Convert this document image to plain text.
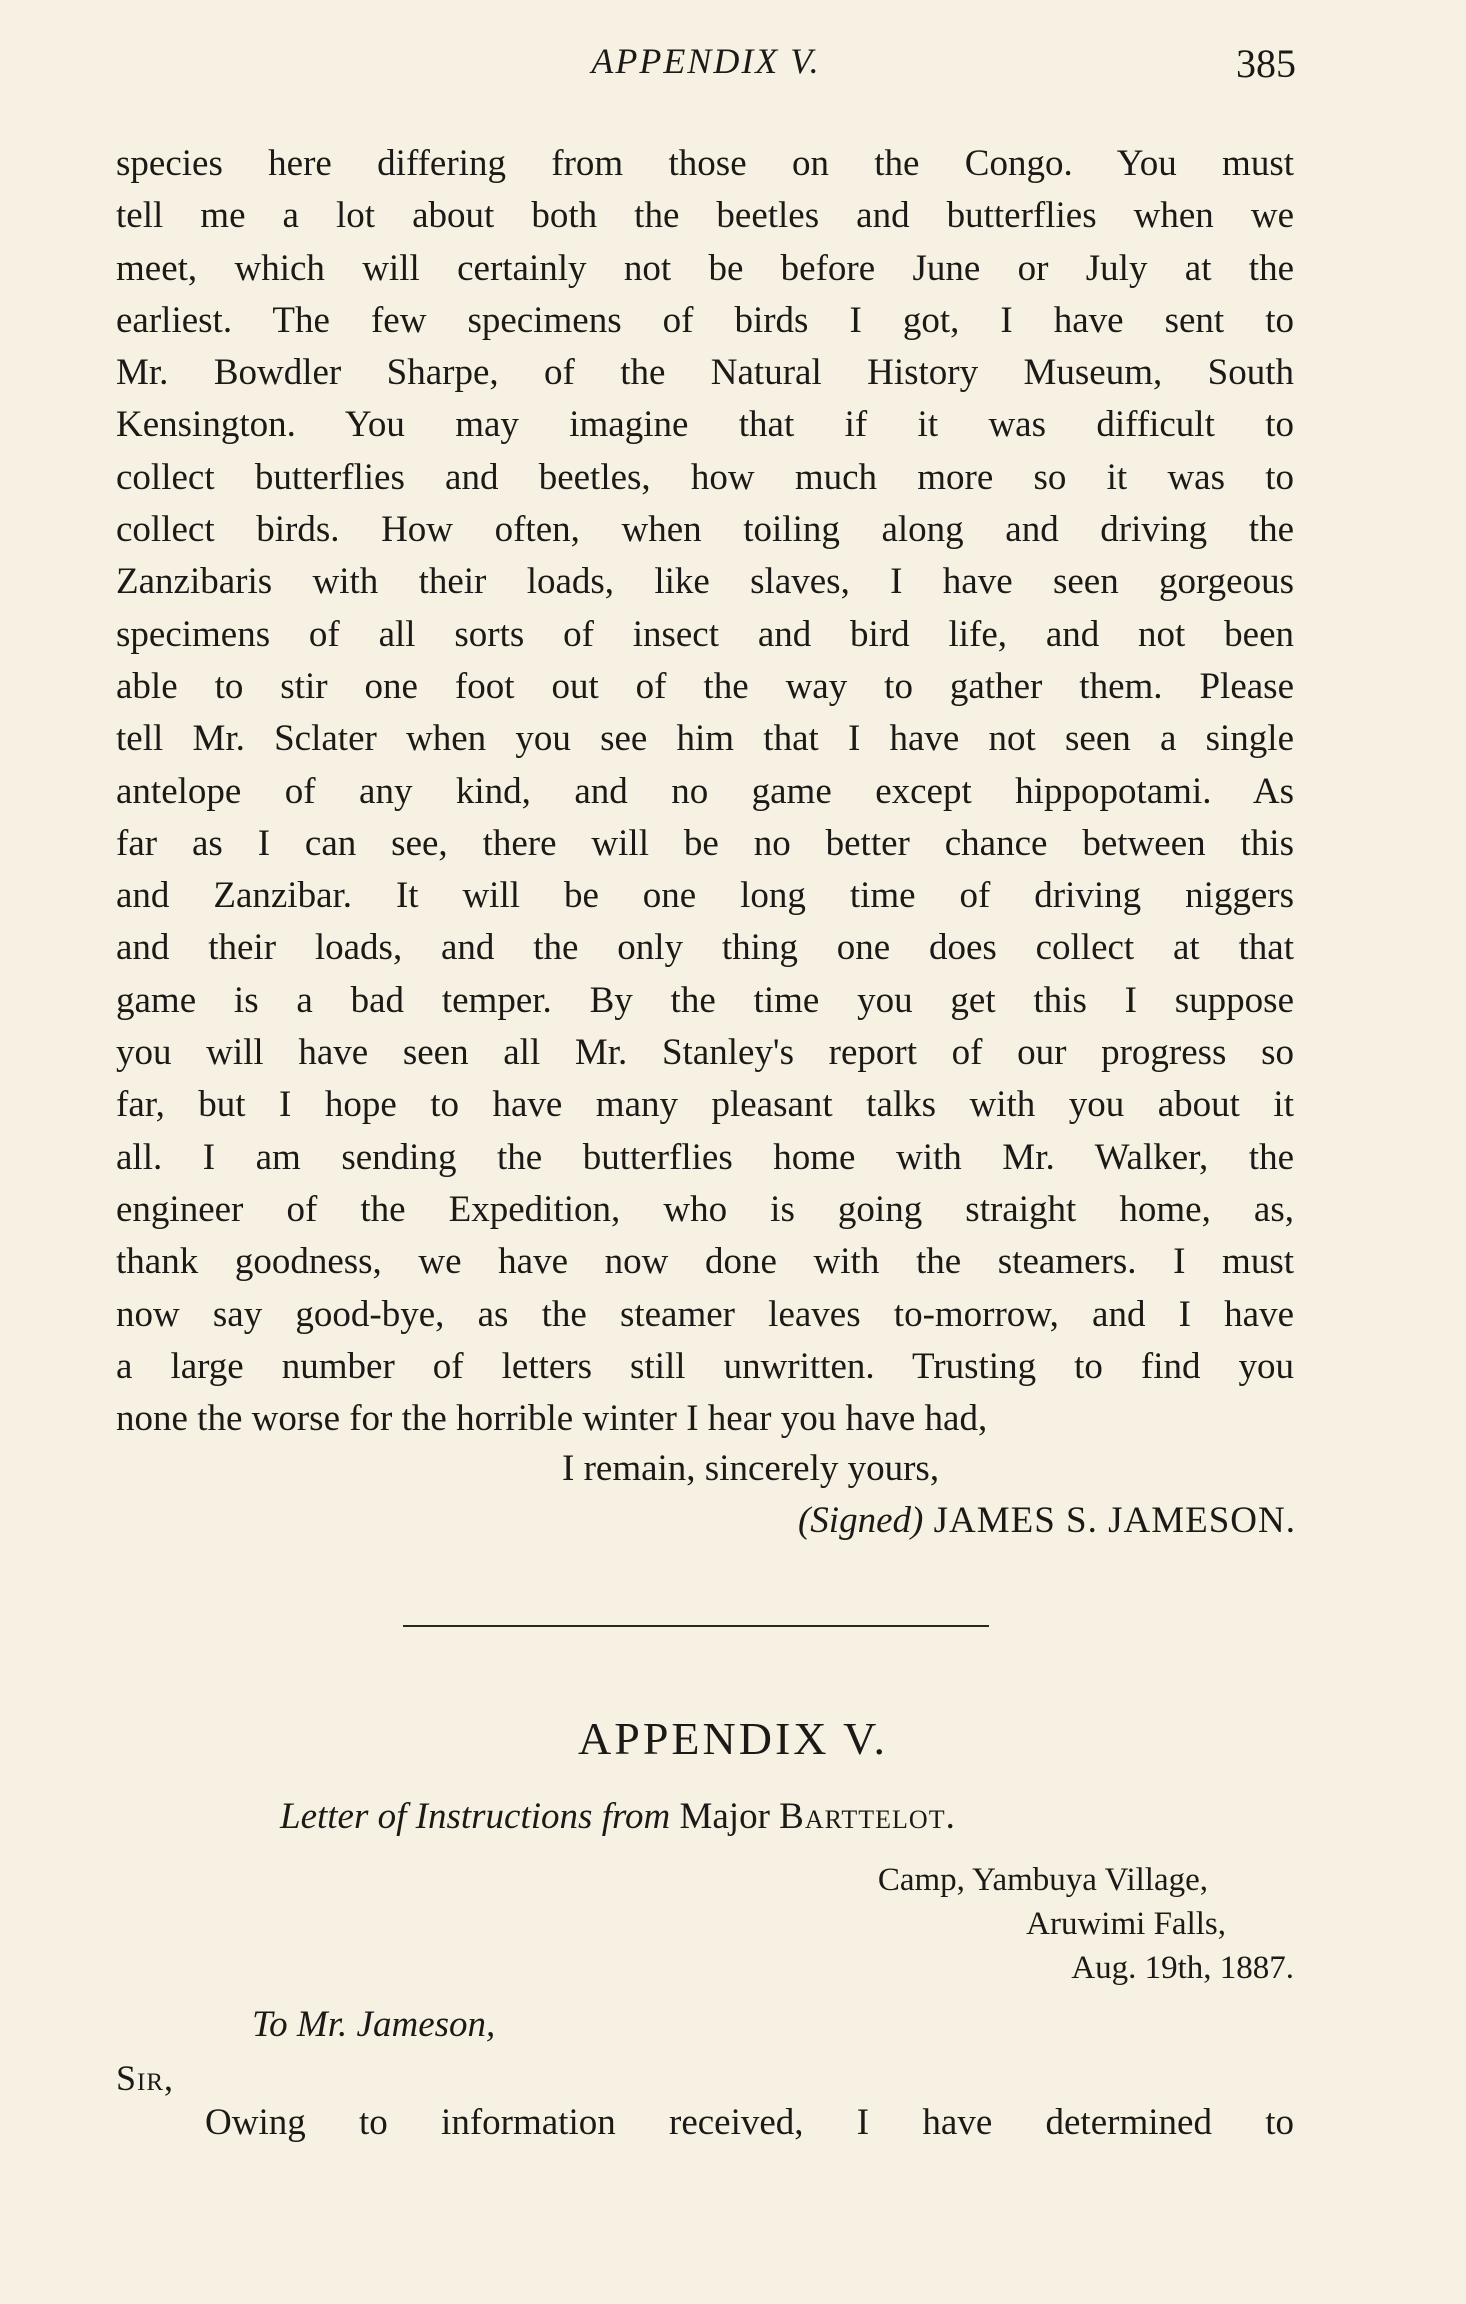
APPENDIX V.	385
species here differing from those on the Congo. You must
tell me a lot about both the beetles and butterflies when we
meet, which will certainly not be before June or July at the
earliest. The few specimens of birds I got, I have sent to
Mr. Bowdler Sharpe, of the Natural History Museum, South
Kensington. You may imagine that if it was difficult to
collect butterflies and beetles, how much more so it was to
collect birds. How often, when toiling along and driving the
Zanzibaris with their loads, like slaves, I have seen gorgeous
specimens of all sorts of insect and bird life, and not been
able to stir one foot out of the way to gather them. Please
tell Mr. Sclater when you see him that I have not seen a single
antelope of any kind, and no game except hippopotami. As
far as I can see, there will be no better chance between this
and Zanzibar. It will be one long time of driving niggers
and their loads, and the only thing one does collect at that
game is a bad temper. By the time you get this I suppose
you will have seen all Mr. Stanley's report of our progress so
far, but I hope to have many pleasant talks with you about it
all. I am sending the butterflies home with Mr. Walker, the
engineer of the Expedition, who is going straight home, as,
thank goodness, we have now done with the steamers. I must
now say good-bye, as the steamer leaves to-morrow, and I have
a large number of letters still unwritten. Trusting to find you
none the worse for the horrible winter I hear you have had,
I remain, sincerely yours,
(Signed) JAMES S. JAMESON.
APPENDIX V.
Letter of Instructions from Major Barttelot.
Camp, Yambuya Village,
Aruwimi Falls,
Aug. 19th, 1887.
To Mr. Jameson,
Sir,
Owing to information received, I have determined to
